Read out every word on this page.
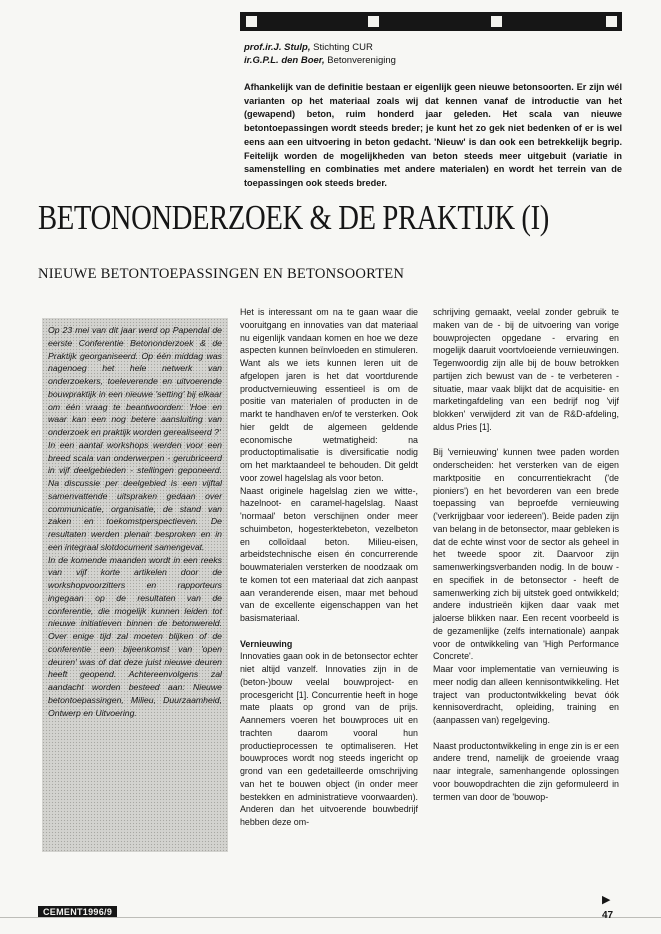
prof.ir.J. Stulp, Stichting CUR
ir.G.P.L. den Boer, Betonvereniging
Afhankelijk van de definitie bestaan er eigenlijk geen nieuwe betonsoorten. Er zijn wél varianten op het materiaal zoals wij dat kennen vanaf de introductie van het (gewapend) beton, ruim honderd jaar geleden. Het scala van nieuwe betontoepassingen wordt steeds breder; je kunt het zo gek niet bedenken of er is wel eens aan een uitvoering in beton gedacht. 'Nieuw' is dan ook een betrekkelijk begrip. Feitelijk worden de mogelijkheden van beton steeds meer uitgebuit (variatie in samenstelling en combinaties met andere materialen) en wordt het terrein van de toepassingen ook steeds breder.
BETONONDERZOEK & DE PRAKTIJK (I)
NIEUWE BETONTOEPASSINGEN EN BETONSOORTEN

Op 23 mei van dit jaar werd op Papendal de eerste Conferentie Betononderzoek & de Praktijk georganiseerd. Op één middag was nagenoeg het hele netwerk van onderzoekers, toeleverende en uitvoerende bouwpraktijk in een nieuwe 'setting' bij elkaar om één vraag te beantwoorden: 'Hoe en waar kan een nog betere aansluiting van onderzoek en praktijk worden gerealiseerd ?'

In een aantal workshops werden voor een breed scala van onderwerpen - gerubriceerd in vijf deelgebieden - stellingen geponeerd. Na discussie per deelgebied is een vijftal samenvattende uitspraken gedaan over communicatie, organisatie, de stand van zaken en toekomstperspectieven. De resultaten werden plenair besproken en in een integraal slotdocument samengevat.

In de komende maanden wordt in een reeks van vijf korte artikelen door de workshopvoorzitters en rapporteurs ingegaan op de resultaten van de conferentie, die mogelijk kunnen leiden tot nieuwe initiatieven binnen de betonwereld. Over enige tijd zal moeten blijken of de conferentie een bijeenkomst van 'open deuren' was of dat deze juist nieuwe deuren heeft geopend. Achtereenvolgens zal aandacht worden besteed aan: Nieuwe betontoepassingen, Milieu, Duurzaamheid, Ontwerp en Uitvoering.

Het is interessant om na te gaan waar die vooruitgang en innovaties van dat materiaal nu eigenlijk vandaan komen en hoe we deze aspecten kunnen beïnvloeden en stimuleren. Want als we iets kunnen leren uit de afgelopen jaren is het dat voortdurende productvernieuwing essentieel is om de positie van materialen of producten in de markt te handhaven en/of te versterken. Ook hier geldt de algemeen geldende economische wetmatigheid: na productoptimalisatie is diversificatie nodig om het marktaandeel te behouden. Dit geldt voor zowel hagelslag als voor beton.

Naast originele hagelslag zien we witte-, hazelnoot- en caramel-hagelslag. Naast 'normaal' beton verschijnen onder meer schuimbeton, hogesterktebeton, vezelbeton en colloïdaal beton. Milieu-eisen, arbeidstechnische eisen én concurrerende bouwmaterialen versterken de noodzaak om te komen tot een materiaal dat zich aanpast aan veranderende eisen, maar met behoud van de excellente eigenschappen van het basismateriaal.

Vernieuwing

Innovaties gaan ook in de betonsector echter niet altijd vanzelf. Innovaties zijn in de (beton-)bouw veelal bouwproject- en procesgericht [1]. Concurrentie heeft in hoge mate plaats op grond van de prijs. Aannemers voeren het bouwproces uit en trachten daarom vooral hun productieprocessen te optimaliseren. Het bouwproces wordt nog steeds ingericht op grond van een gedetailleerde omschrijving van het te bouwen object (in onder meer bestekken en administratieve voorwaarden). Anderen dan het uitvoerende bouwbedrijf hebben deze om-

schrijving gemaakt, veelal zonder gebruik te maken van de - bij de uitvoering van vorige bouwprojecten opgedane - ervaring en mogelijk daaruit voortvloeiende vernieuwingen. Tegenwoordig zijn alle bij de bouw betrokken partijen zich bewust van de - te verbeteren - situatie, maar vaak blijkt dat de acquisitie- en marketingafdeling van een bedrijf nog 'vijf blokken' verwijderd zit van de R&D-afdeling, aldus Pries [1].

Bij 'vernieuwing' kunnen twee paden worden onderscheiden: het versterken van de eigen marktpositie en concurrentiekracht ('de pioniers') en het bevorderen van een brede toepassing van beproefde vernieuwing ('verkrijgbaar voor iedereen'). Beide paden zijn van belang in de betonsector, maar gebleken is dat de echte winst voor de sector als geheel in het tweede spoor zit. Daarvoor zijn samenwerkingsverbanden nodig. In de bouw - en specifiek in de betonsector - heeft de samenwerking zich bij uitstek goed ontwikkeld; andere industrieën kijken daar vaak met jaloerse blikken naar. Een recent voorbeeld is de gezamenlijke (zelfs internationale) aanpak voor de ontwikkeling van 'High Performance Concrete'.

Maar voor implementatie van vernieuwing is meer nodig dan alleen kennisontwikkeling. Het traject van productontwikkeling bevat óók kennisoverdracht, opleiding, training en (aanpassen van) regelgeving.

Naast productontwikkeling in enge zin is er een andere trend, namelijk de groeiende vraag naar integrale, samenhangende oplossingen voor bouwopdrachten die zijn geformuleerd in termen van door de 'bouwop-

▶
CEMENT1996/9	47
